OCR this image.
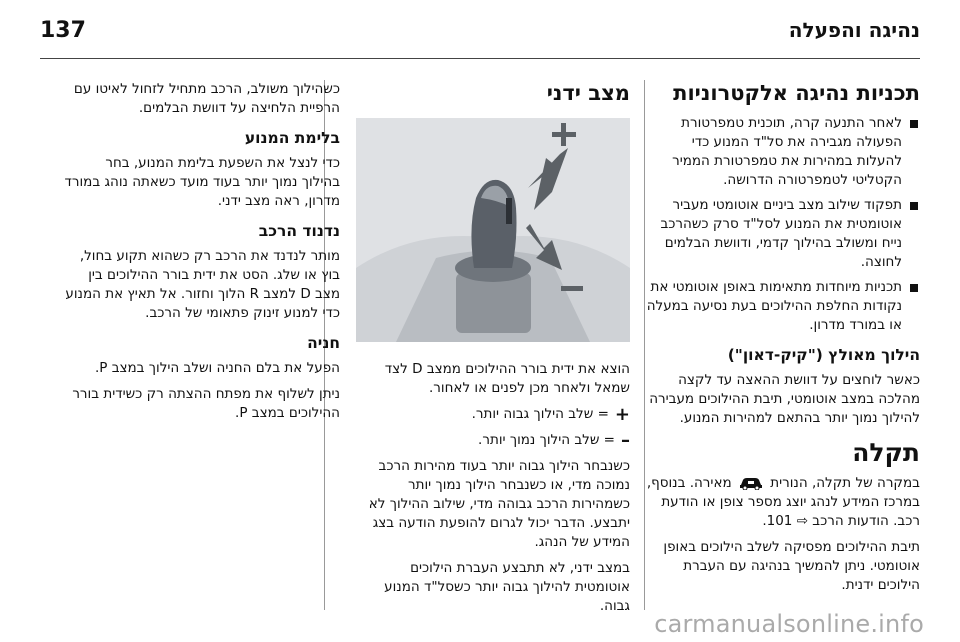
137	נהיגה והפעלה
תכניות נהיגה אלקטרוניות
לאחר התנעה קרה, תוכנית טמפרטורת הפעולה מגבירה את סל"ד המנוע כדי להעלות במהירות את טמפרטורת הממיר הקטליטי לטמפרטורה הדרושה.
תפקוד שילוב מצב ביניים אוטומטי מעביר אוטומטית את המנוע לסל"ד סרק כשהרכב נייח ומשולב בהילוך קדמי, ודוושת הבלמים לחוצה.
תכניות מיוחדות מתאימות באופן אוטומטי את נקודות החלפת ההילוכים בעת נסיעה במעלה או במורד מדרון.
הילוך מאולץ ("קיק-דאון")

כאשר לוחצים על דוושת ההאצה עד לקצה מהלכה במצב אוטומטי, תיבת ההילוכים מעבירה להילוך נמוך יותר בהתאם למהירות המנוע.

תקלה

במקרה של תקלה, הנורית  מאירה. בנוסף, במרכז המידע לנהג יוצג מספר צופן או הודעת רכב. הודעות הרכב ⇨ 101.

תיבת ההילוכים מפסיקה לשלב הילוכים באופן אוטומטי. ניתן להמשיך בנהיגה עם העברת הילוכים ידנית.

מצב ידני

הוצא את ידית בורר ההילוכים ממצב D לצד שמאל ולאחר מכן לפנים או לאחור.

+= שלב הילוך גבוה יותר.

–= שלב הילוך נמוך יותר.

כשנבחר הילוך גבוה יותר בעוד מהירות הרכב נמוכה מדי, או כשנבחר הילוך נמוך יותר כשמהירות הרכב גבוהה מדי, שילוב ההילוך לא יתבצע. הדבר יכול לגרום להופעת הודעה בצג המידע של הנהג.

במצב ידני, לא תתבצע העברת הילוכים אוטומטית להילוך גבוה יותר כשסל"ד המנוע גבוה.

כשהילוך משולב, הרכב מתחיל לזחול לאיטו עם הרפיית הלחיצה על דוושת הבלמים.

בלימת המנוע

כדי לנצל את השפעת בלימת המנוע, בחר בהילוך נמוך יותר בעוד מועד כשאתה נוהג במורד מדרון, ראה מצב ידני.

נדנוד הרכב

מותר לנדנד את הרכב רק כשהוא תקוע בחול, בוץ או שלג. הסט את ידית בורר ההילוכים בין מצב D למצב R הלוך וחזור. אל תאיץ את המנוע כדי למנוע זינוק פתאומי של הרכב.

חניה

הפעל את בלם החניה ושלב הילוך במצב P.

ניתן לשלוף את מפתח ההצתה רק כשידית בורר ההילוכים במצב P.

carmanualsonline.info
